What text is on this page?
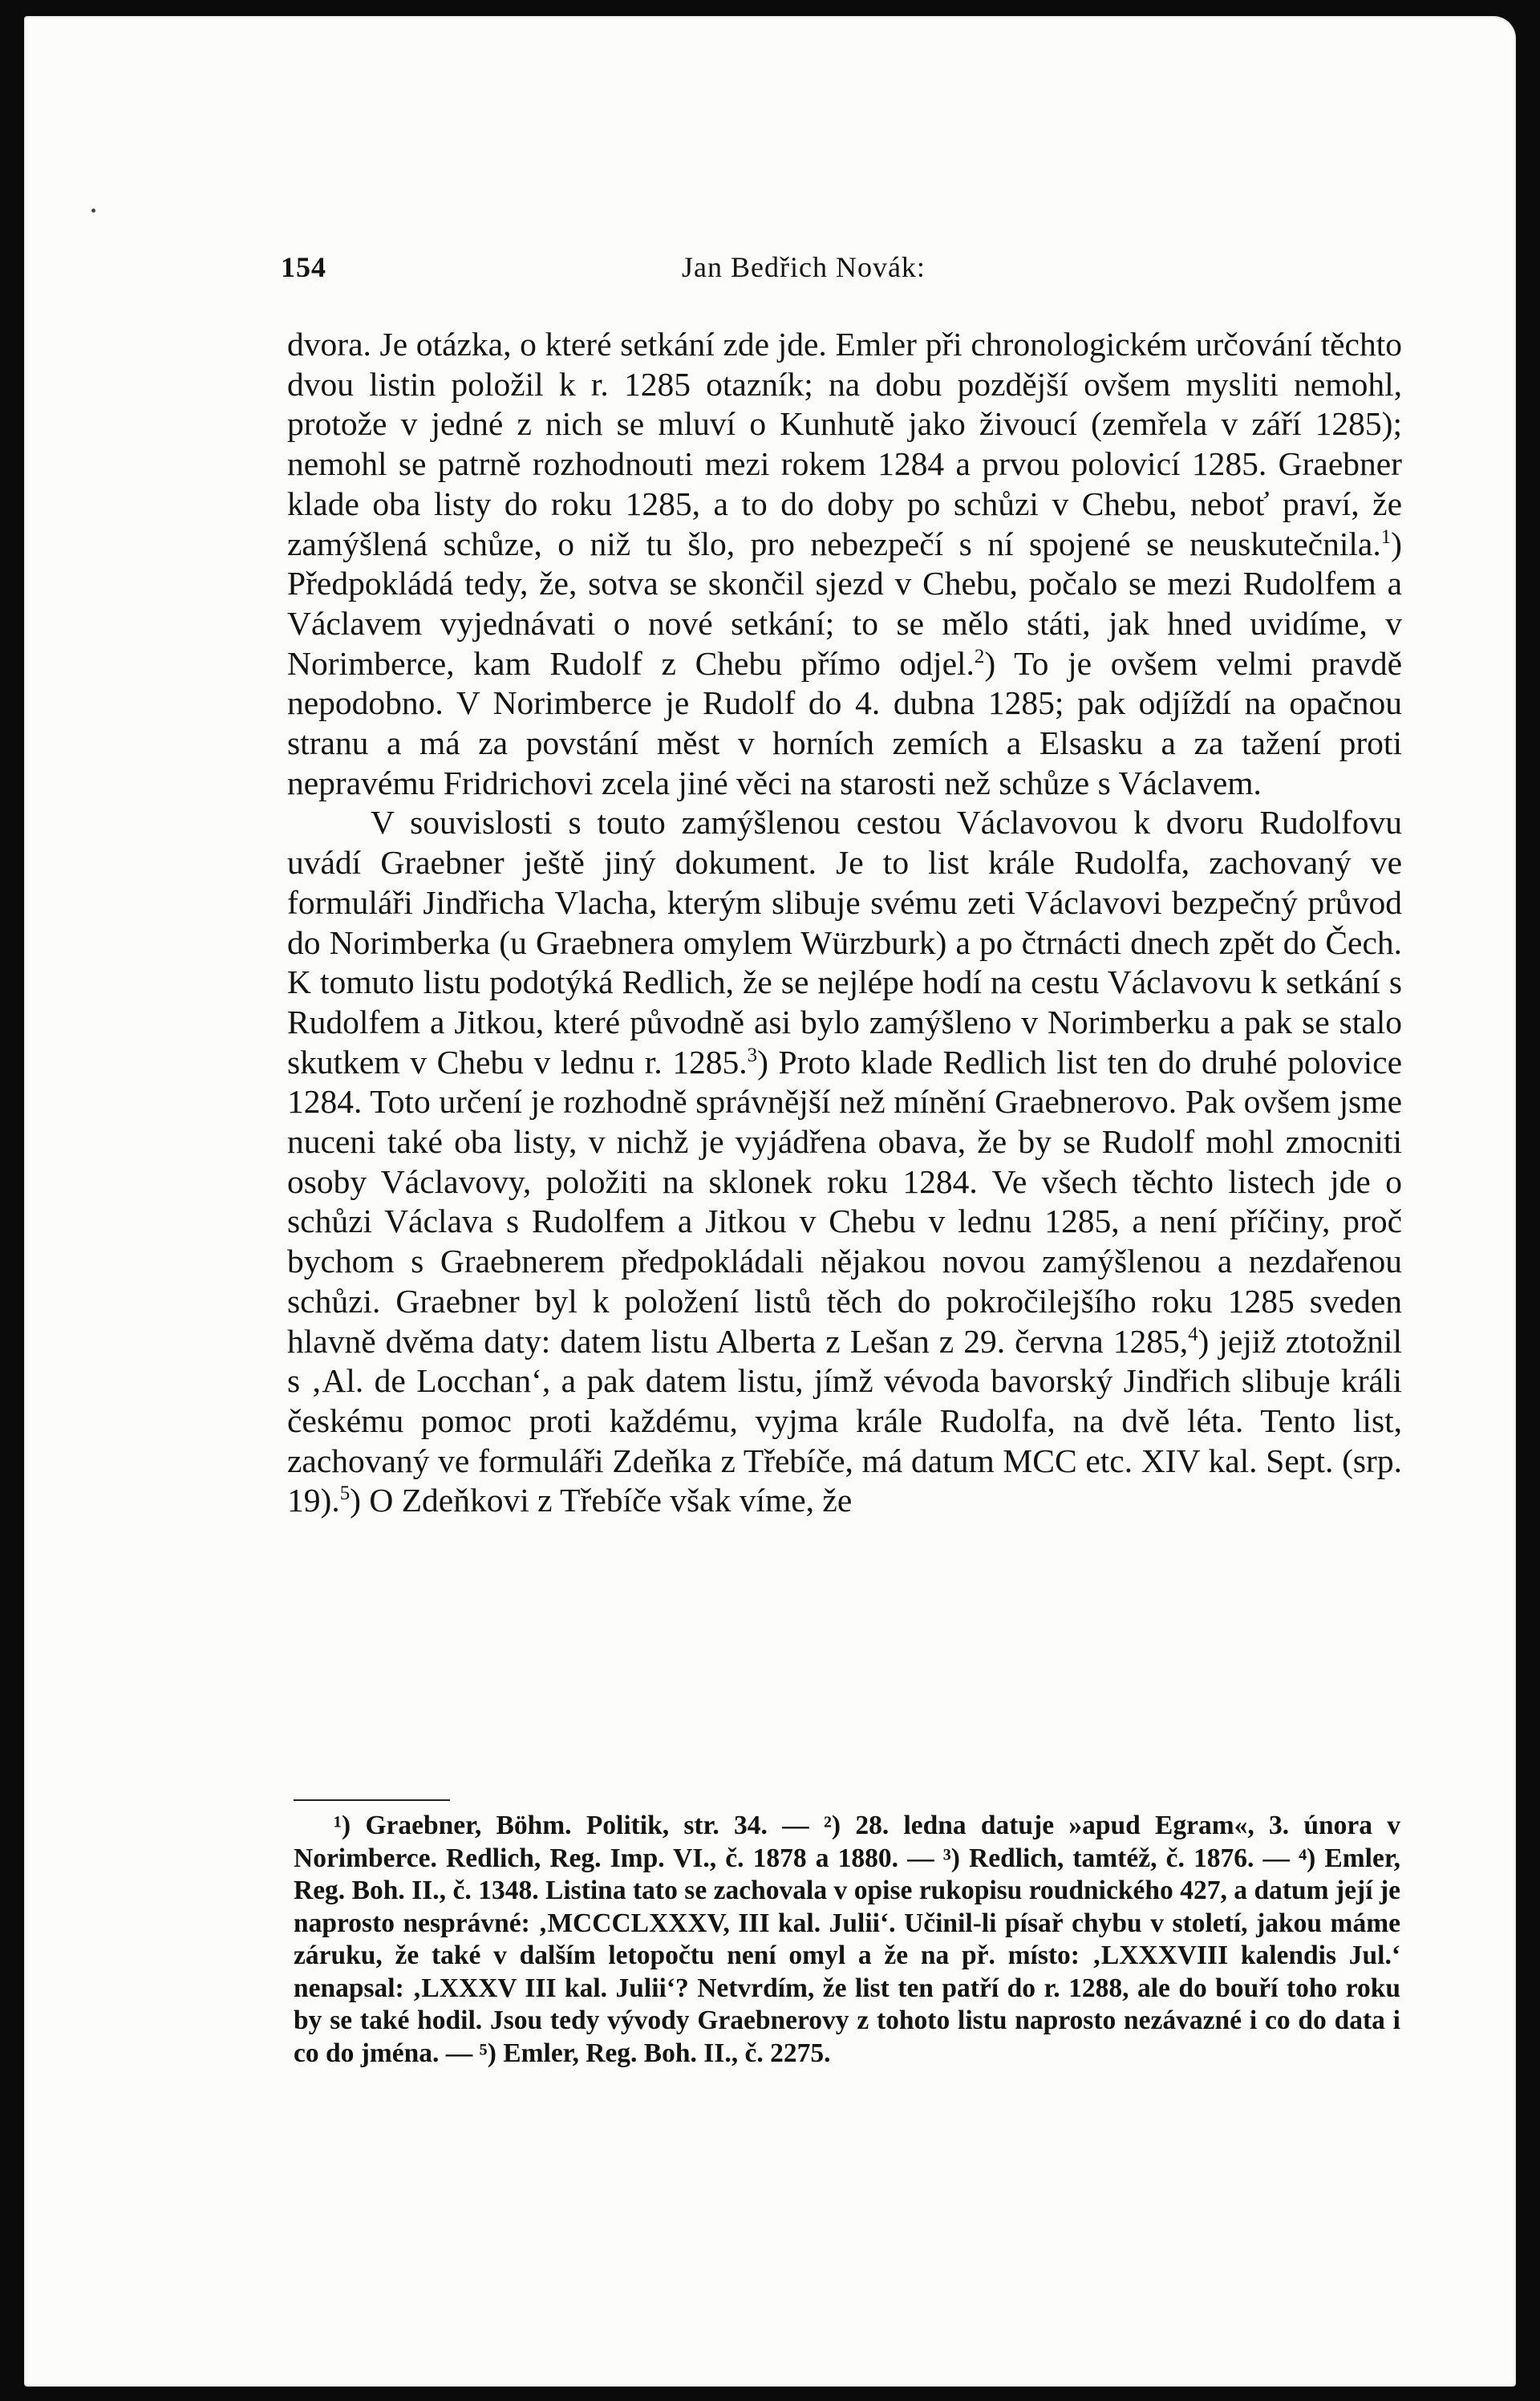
154	Jan Bedřich Novák:

dvora. Je otázka, o které setkání zde jde. Emler při chronologickém určování těchto dvou listin položil k r. 1285 otazník; na dobu pozdější ovšem mysliti nemohl, protože v jedné z nich se mluví o Kunhutě jako živoucí (zemřela v září 1285); nemohl se patrně rozhodnouti mezi rokem 1284 a prvou polovicí 1285. Graebner klade oba listy do roku 1285, a to do doby po schůzi v Chebu, neboť praví, že zamýšlená schůze, o niž tu šlo, pro nebezpečí s ní spojené se neuskutečnila.$^1$) Předpokládá tedy, že, sotva se skončil sjezd v Chebu, počalo se mezi Rudolfem a Václavem vyjednávati o nové setkání; to se mělo státi, jak hned uvidíme, v Norimberce, kam Rudolf z Chebu přímo odjel.$^2$) To je ovšem velmi pravdě nepodobno. V Norimberce je Rudolf do 4. dubna 1285; pak odjíždí na opačnou stranu a má za povstání měst v horních zemích a Elsasku a za tažení proti nepravému Fridrichovi zcela jiné věci na starosti než schůze s Václavem.

V souvislosti s touto zamýšlenou cestou Václavovou k dvoru Rudolfovu uvádí Graebner ještě jiný dokument. Je to list krále Rudolfa, zachovaný ve formuláři Jindřicha Vlacha, kterým slibuje svému zeti Václavovi bezpečný průvod do Norimberka (u Graebnera omylem Würzburk) a po čtrnácti dnech zpět do Čech. K tomuto listu podotýká Redlich, že se nejlépe hodí na cestu Václavovu k setkání s Rudolfem a Jitkou, které původně asi bylo zamýšleno v Norimberku a pak se stalo skutkem v Chebu v lednu r. 1285.$^3$) Proto klade Redlich list ten do druhé polovice 1284. Toto určení je rozhodně správnější než mínění Graebnerovo. Pak ovšem jsme nuceni také oba listy, v nichž je vyjádřena obava, že by se Rudolf mohl zmocniti osoby Václavovy, položiti na sklonek roku 1284. Ve všech těchto listech jde o schůzi Václava s Rudolfem a Jitkou v Chebu v lednu 1285, a není příčiny, proč bychom s Graebnerem předpokládali nějakou novou zamýšlenou a nezdařenou schůzi. Graebner byl k položení listů těch do pokročilejšího roku 1285 sveden hlavně dvěma daty: datem listu Alberta z Lešan z 29. června 1285,$^4$) jejiž ztotožnil s ‚Al. de Locchan‘, a pak datem listu, jímž vévoda bavorský Jindřich slibuje králi českému pomoc proti každému, vyjma krále Rudolfa, na dvě léta. Tento list, zachovaný ve formuláři Zdeňka z Třebíče, má datum MCC etc. XIV kal. Sept. (srp. 19).$^5$) O Zdeňkovi z Třebíče však víme, že

¹) Graebner, Böhm. Politik, str. 34. — ²) 28. ledna datuje »apud Egram«, 3. února v Norimberce. Redlich, Reg. Imp. VI., č. 1878 a 1880. — ³) Redlich, tamtéž, č. 1876. — ⁴) Emler, Reg. Boh. II., č. 1348. Listina tato se zachovala v opise rukopisu roudnického 427, a datum její je naprosto nesprávné: ‚MCCCLXXXV, III kal. Julii‘. Učinil-li písař chybu v století, jakou máme záruku, že také v dalším letopočtu není omyl a že na př. místo: ‚LXXXVIII kalendis Jul.‘ nenapsal: ‚LXXXV III kal. Julii‘? Netvrdím, že list ten patří do r. 1288, ale do bouří toho roku by se také hodil. Jsou tedy vývody Graebnerovy z tohoto listu naprosto nezávazné i co do data i co do jména. — ⁵) Emler, Reg. Boh. II., č. 2275.
